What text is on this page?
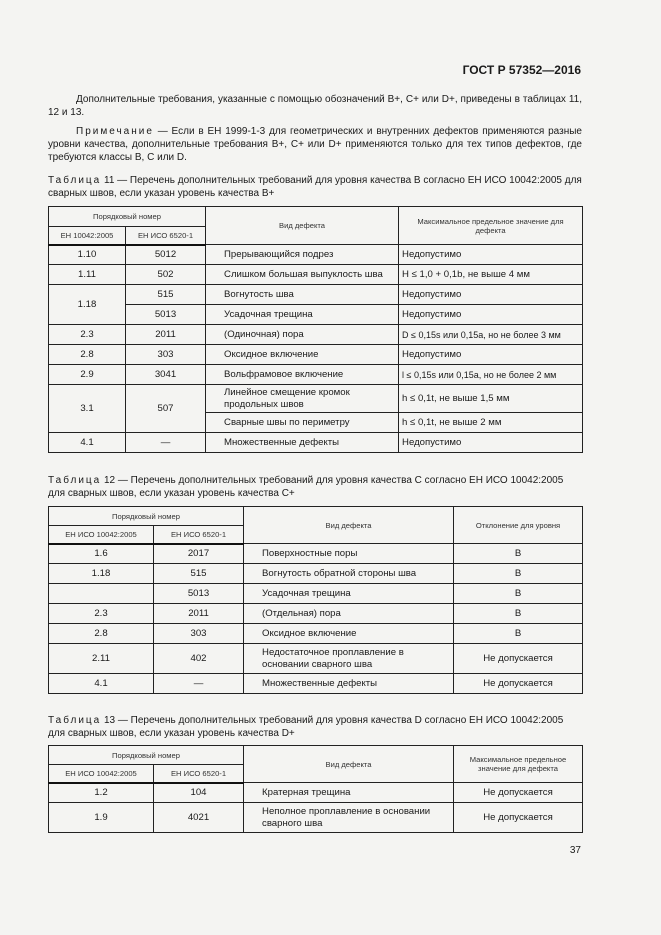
ГОСТ Р 57352—2016
Дополнительные требования, указанные с помощью обозначений B+, C+ или D+, приведены в таблицах 11, 12 и 13.
Примечание — Если в ЕН 1999-1-3 для геометрических и внутренних дефектов применяются разные уровни качества, дополнительные требования B+, C+ или D+ применяются только для тех типов дефектов, где требуются классы B, C или D.
Таблица 11 — Перечень дополнительных требований для уровня качества B согласно ЕН ИСО 10042:2005 для сварных швов, если указан уровень качества B+
Порядковый номер		Вид дефекта	Максимальное предельное значение для дефекта
ЕН 10042:2005	ЕН ИСО 6520-1		
1.10	5012	Прерывающийся подрез	Недопустимо
1.11	502	Слишком большая выпуклость шва	H ≤ 1,0 + 0,1b, не выше 4 мм
1.18	515	Вогнутость шва	Недопустимо
	5013	Усадочная трещина	Недопустимо
2.3	2011	(Одиночная) пора	D ≤ 0,15s или 0,15a, но не более 3 мм
2.8	303	Оксидное включение	Недопустимо
2.9	3041	Вольфрамовое включение	l ≤ 0,15s или 0,15a, но не более 2 мм
3.1	507	Линейное смещение кромок продольных швов	h ≤ 0,1t, не выше 1,5 мм
		Сварные швы по периметру	h ≤ 0,1t, не выше 2 мм
4.1	—	Множественные дефекты	Недопустимо
Таблица 12 — Перечень дополнительных требований для уровня качества C согласно ЕН ИСО 10042:2005 для сварных швов, если указан уровень качества C+
Порядковый номер		Вид дефекта	Отклонение для уровня
ЕН ИСО 10042:2005	ЕН ИСО 6520-1		
1.6	2017	Поверхностные поры	B
1.18	515	Вогнутость обратной стороны шва	B
	5013	Усадочная трещина	B
2.3	2011	(Отдельная) пора	B
2.8	303	Оксидное включение	B
2.11	402	Недостаточное проплавление в основании сварного шва	Не допускается
4.1	—	Множественные дефекты	Не допускается
Таблица 13 — Перечень дополнительных требований для уровня качества D согласно ЕН ИСО 10042:2005 для сварных швов, если указан уровень качества D+
Порядковый номер		Вид дефекта	Максимальное предельное значение для дефекта
ЕН ИСО 10042:2005	ЕН ИСО 6520-1		
1.2	104	Кратерная трещина	Не допускается
1.9	4021	Неполное проплавление в основании сварного шва	Не допускается
37
